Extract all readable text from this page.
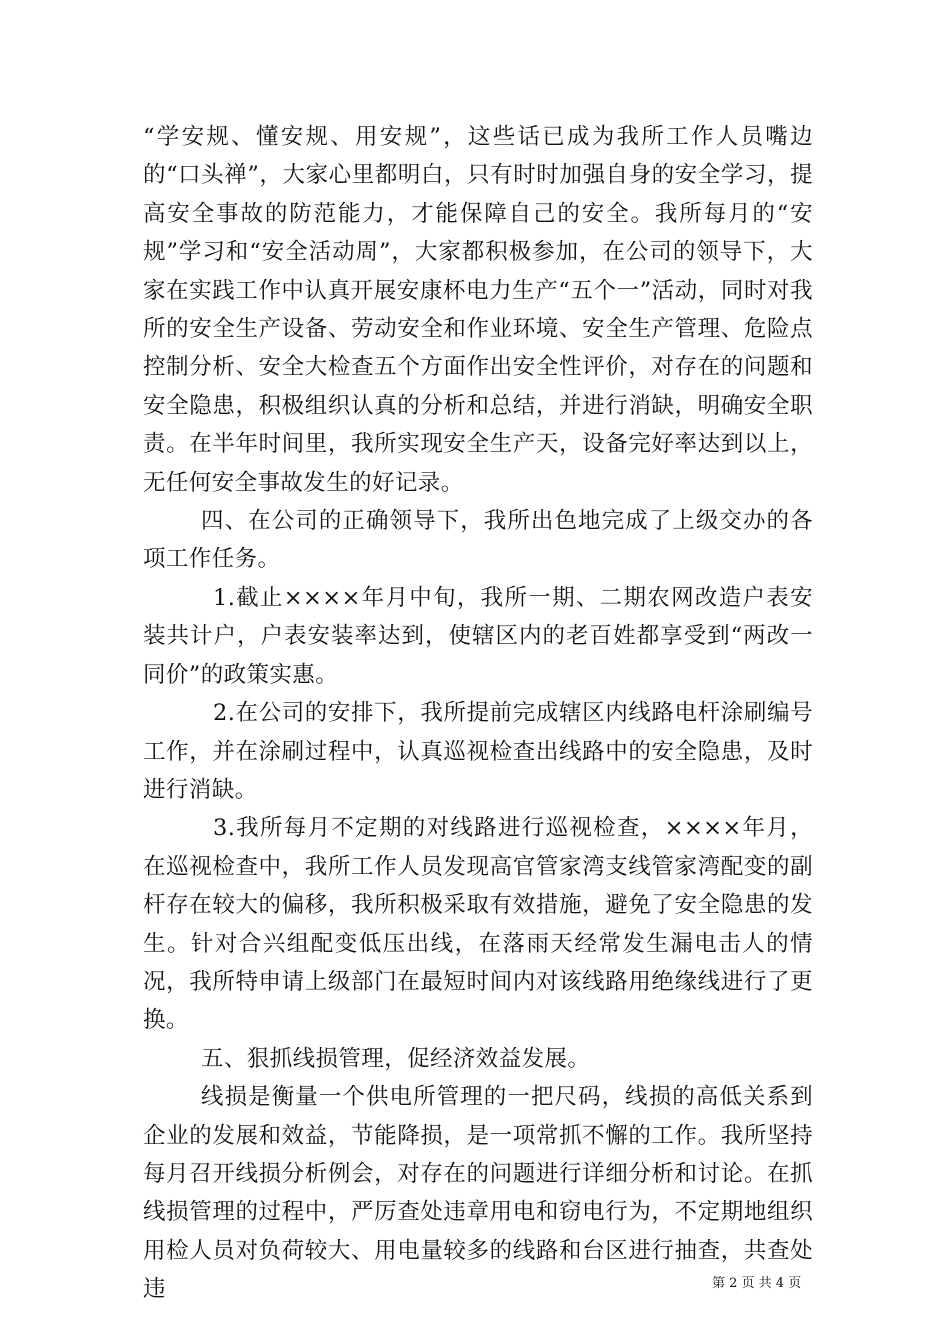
“学安规、懂安规、用安规”，这些话已成为我所工作人员嘴边的“口头禅”，大家心里都明白，只有时时加强自身的安全学习，提高安全事故的防范能力，才能保障自己的安全。我所每月的“安规”学习和“安全活动周”，大家都积极参加，在公司的领导下，大家在实践工作中认真开展安康杯电力生产“五个一”活动，同时对我所的安全生产设备、劳动安全和作业环境、安全生产管理、危险点控制分析、安全大检查五个方面作出安全性评价，对存在的问题和安全隐患，积极组织认真的分析和总结，并进行消缺，明确安全职责。在半年时间里，我所实现安全生产天，设备完好率达到以上，无任何安全事故发生的好记录。

四、在公司的正确领导下，我所出色地完成了上级交办的各项工作任务。

1.截止××××年月中旬，我所一期、二期农网改造户表安装共计户，户表安装率达到，使辖区内的老百姓都享受到“两改一同价”的政策实惠。

2.在公司的安排下，我所提前完成辖区内线路电杆涂刷编号工作，并在涂刷过程中，认真巡视检查出线路中的安全隐患，及时进行消缺。

3.我所每月不定期的对线路进行巡视检查，××××年月，在巡视检查中，我所工作人员发现高官管家湾支线管家湾配变的副杆存在较大的偏移，我所积极采取有效措施，避免了安全隐患的发生。针对合兴组配变低压出线，在落雨天经常发生漏电击人的情况，我所特申请上级部门在最短时间内对该线路用绝缘线进行了更换。

五、狠抓线损管理，促经济效益发展。

线损是衡量一个供电所管理的一把尺码，线损的高低关系到企业的发展和效益，节能降损，是一项常抓不懈的工作。我所坚持每月召开线损分析例会，对存在的问题进行详细分析和讨论。在抓线损管理的过程中，严厉查处违章用电和窃电行为，不定期地组织用检人员对负荷较大、用电量较多的线路和台区进行抽查，共查处违	第 2 页 共 4 页
